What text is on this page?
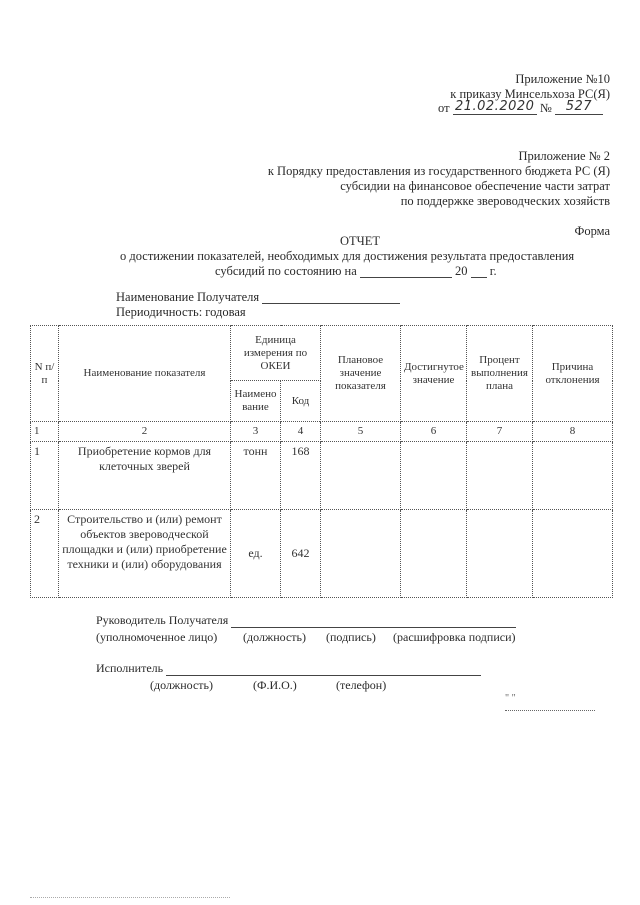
Приложение №10
к приказу Минсельхоза РС(Я)
от 21.02.2020 № 527
Приложение № 2
к Порядку предоставления из государственного бюджета РС (Я)
субсидии на финансовое обеспечение части затрат
по поддержке звероводческих хозяйств
Форма
ОТЧЕТ
о достижении показателей, необходимых для достижения результата предоставления
субсидий по состоянию на	20 г.
Наименование Получателя
Периодичность: годовая
N п/п	Наименование показателя	Единица измерения по ОКЕИ		Плановое значение показателя	Достигнутое значение	Процент выполнения плана	Причина отклонения
		Наименование	Код				
1	2	3	4	5	6	7	8
1	Приобретение кормов для клеточных зверей	тонн	168				
2	Строительство и (или) ремонт объектов звероводческой площадки и (или) приобретение техники и (или) оборудования	ед.	642				
Руководитель Получателя
(уполномоченное лицо) (должность) (подпись) (расшифровка подписи)
Исполнитель
(должность)	(Ф.И.О.)	(телефон)
" "
